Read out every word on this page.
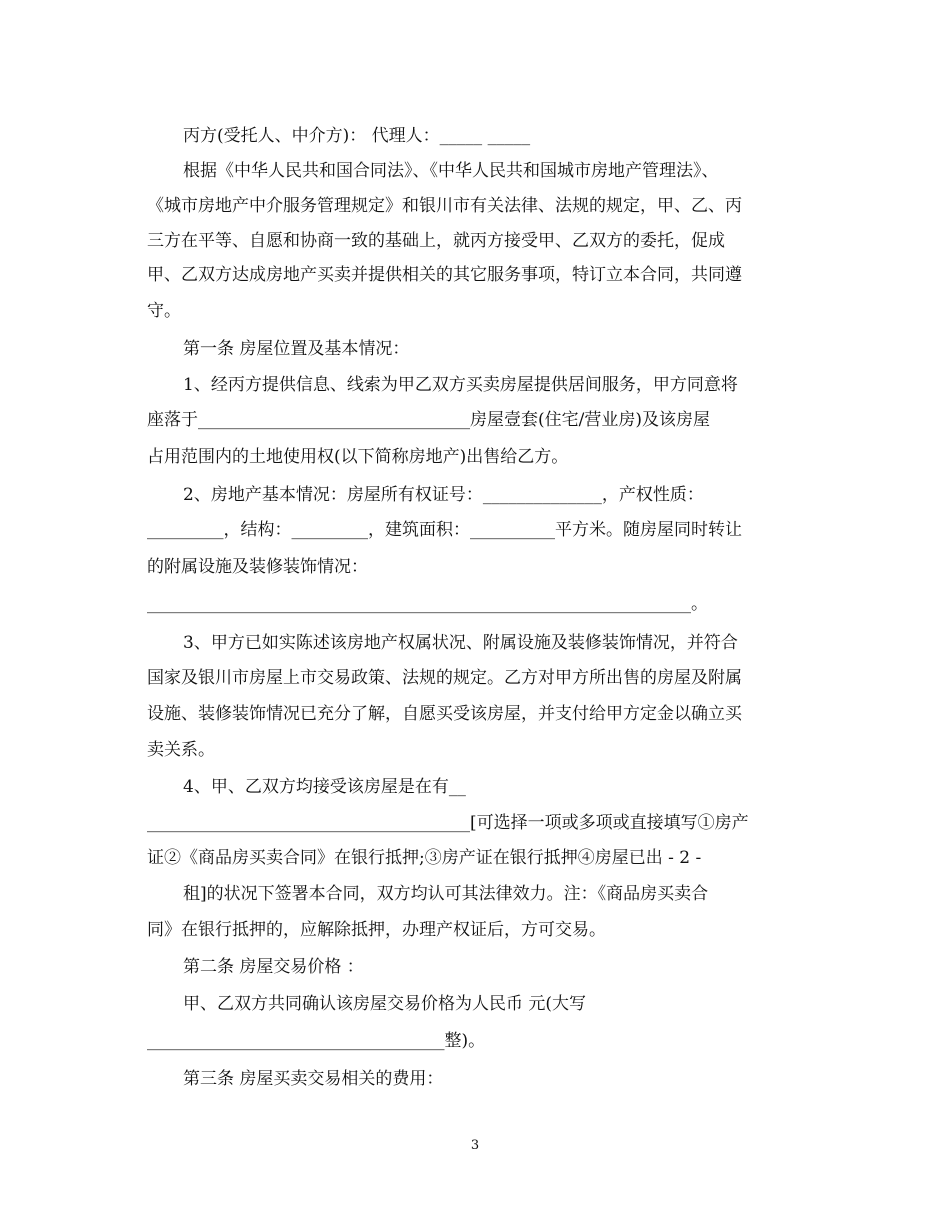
丙方(受托人、中介方)： 代理人：_____ _____
根据《中华人民共和国合同法》、《中华人民共和国城市房地产管理法》、
《城市房地产中介服务管理规定》和银川市有关法律、法规的规定，甲、乙、丙
三方在平等、自愿和协商一致的基础上，就丙方接受甲、乙双方的委托，促成
甲、乙双方达成房地产买卖并提供相关的其它服务事项，特订立本合同，共同遵
守。
第一条 房屋位置及基本情况：
1、经丙方提供信息、线索为甲乙双方买卖房屋提供居间服务，甲方同意将
座落于________________________________房屋壹套(住宅/营业房)及该房屋
占用范围内的土地使用权(以下简称房地产)出售给乙方。
2、房地产基本情况：房屋所有权证号：______________，产权性质：
_________，结构：_________，建筑面积：__________平方米。随房屋同时转让
的附属设施及装修装饰情况：
________________________________________________________________。
3、甲方已如实陈述该房地产权属状况、附属设施及装修装饰情况，并符合
国家及银川市房屋上市交易政策、法规的规定。乙方对甲方所出售的房屋及附属
设施、装修装饰情况已充分了解，自愿买受该房屋，并支付给甲方定金以确立买
卖关系。
4、甲、乙双方均接受该房屋是在有__
______________________________________[可选择一项或多项或直接填写①房产
证②《商品房买卖合同》在银行抵押;③房产证在银行抵押④房屋已出 - 2 -
租]的状况下签署本合同，双方均认可其法律效力。注：《商品房买卖合
同》在银行抵押的，应解除抵押，办理产权证后，方可交易。
第二条 房屋交易价格 ：
甲、乙双方共同确认该房屋交易价格为人民币 元(大写
___________________________________整)。
第三条 房屋买卖交易相关的费用：
3
